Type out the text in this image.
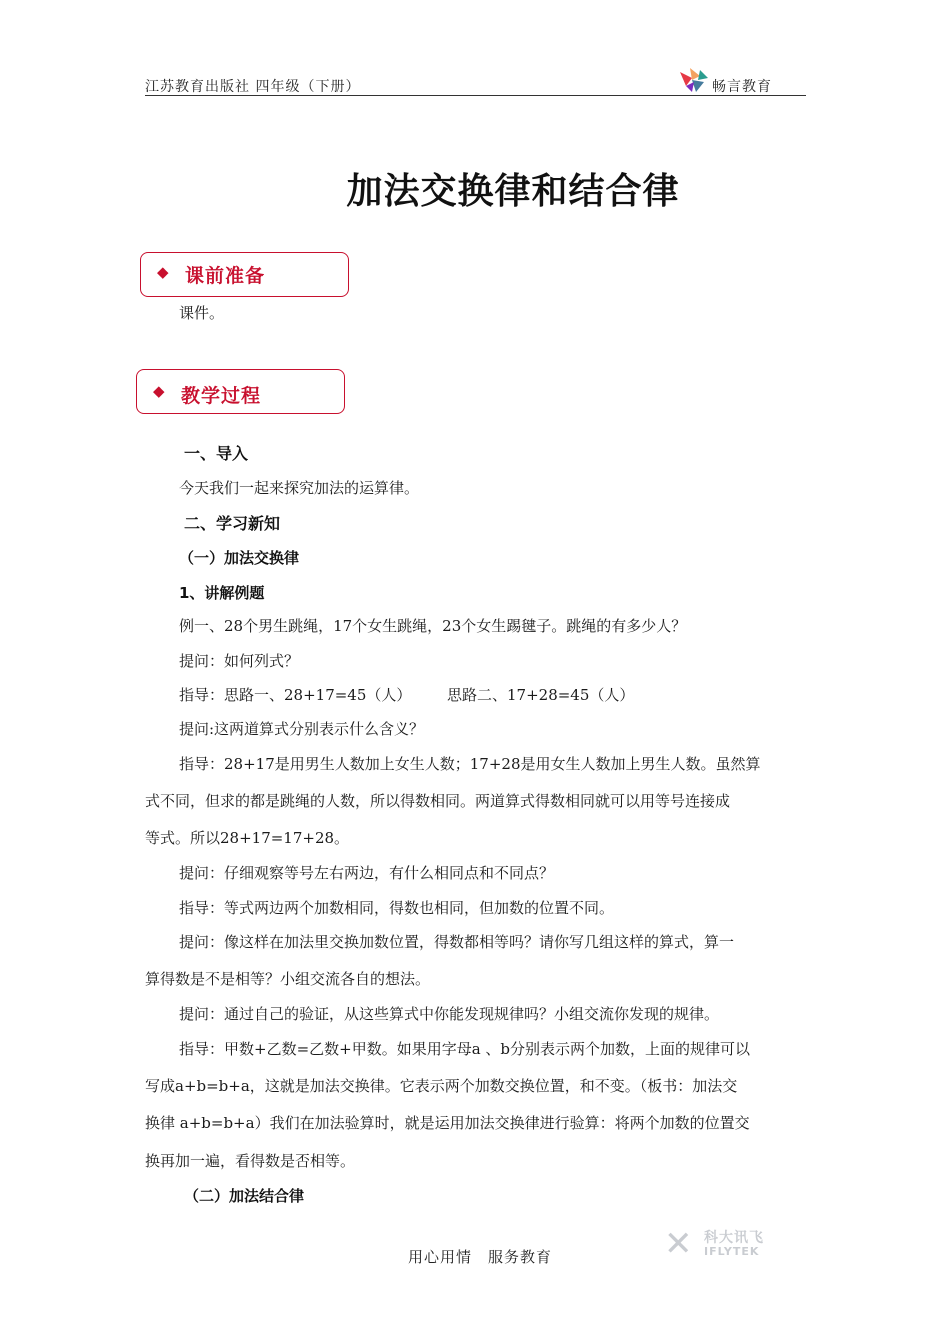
江苏教育出版社 四年级（下册）	畅言教育
加法交换律和结合律
◆ 课前准备
课件。
◆ 教学过程
一、导入
今天我们一起来探究加法的运算律。
二、学习新知
（一）加法交换律
1、讲解例题
例一、28个男生跳绳，17个女生跳绳，23个女生踢毽子。跳绳的有多少人？
提问：如何列式？
指导：思路一、28+17=45（人） 思路二、17+28=45（人）
提问:这两道算式分别表示什么含义？
指导：28+17是用男生人数加上女生人数；17+28是用女生人数加上男生人数。虽然算
式不同，但求的都是跳绳的人数，所以得数相同。两道算式得数相同就可以用等号连接成
等式。所以28+17=17+28。
提问：仔细观察等号左右两边，有什么相同点和不同点？
指导：等式两边两个加数相同，得数也相同，但加数的位置不同。
提问：像这样在加法里交换加数位置，得数都相等吗？请你写几组这样的算式，算一
算得数是不是相等？小组交流各自的想法。
提问：通过自己的验证，从这些算式中你能发现规律吗？小组交流你发现的规律。
指导：甲数+乙数=乙数+甲数。如果用字母a 、b分别表示两个加数，上面的规律可以
写成a+b=b+a，这就是加法交换律。它表示两个加数交换位置，和不变。（板书：加法交
换律 a+b=b+a）我们在加法验算时，就是运用加法交换律进行验算：将两个加数的位置交
换再加一遍，看得数是否相等。
（二）加法结合律
用心用情　服务教育	✕ 科大讯飞
IFLYTEK
